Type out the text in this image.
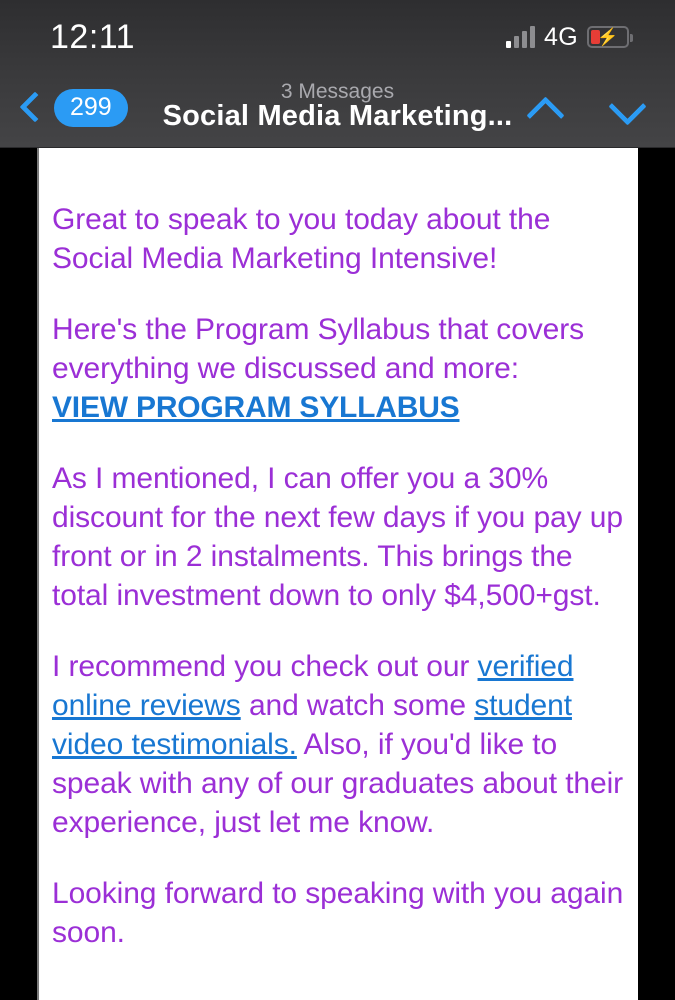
12:11	4G ⚡
3 Messages
Social Media Marketing...
299

Great to speak to you today about the Social Media Marketing Intensive!

Here's the Program Syllabus that covers everything we discussed and more:
VIEW PROGRAM SYLLABUS

As I mentioned, I can offer you a 30% discount for the next few days if you pay up front or in 2 instalments. This brings the total investment down to only $4,500+gst.

I recommend you check out our verified online reviews and watch some student video testimonials. Also, if you'd like to speak with any of our graduates about their experience, just let me know.

Looking forward to speaking with you again soon.
